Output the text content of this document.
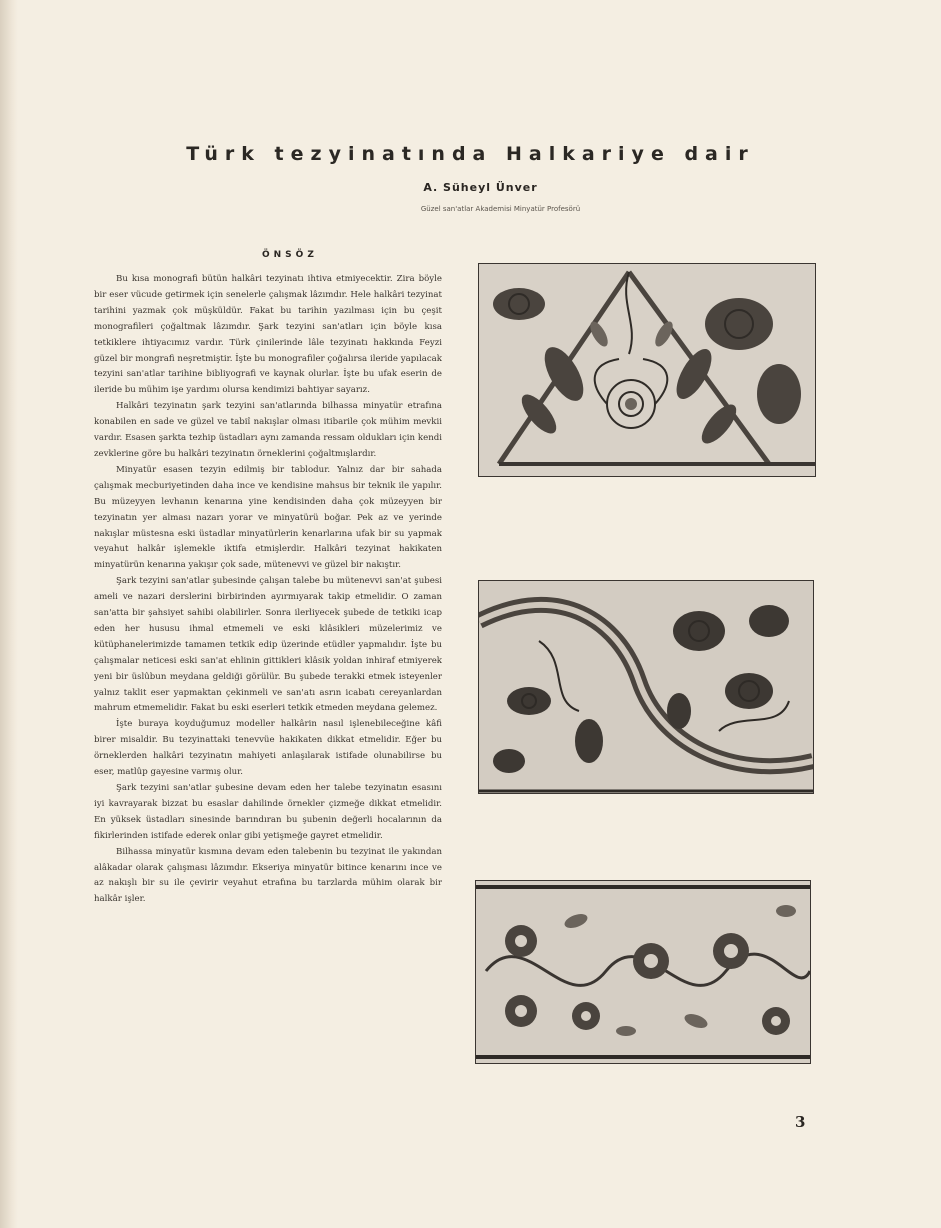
Türk tezyinatında Halkariye dair
A. Süheyl Ünver
Güzel san'atlar Akademisi Minyatür Profesörü
ÖNSÖZ

Bu kısa monografi bütün halkâri tezyinatı ihtiva etmiyecektir. Zira böyle bir eser vücude getirmek için senelerle çalışmak lâzımdır. Hele halkâri tezyinat tarihini yazmak çok müşküldür. Fakat bu tarihin yazılması için bu çeşit monografileri çoğaltmak lâzımdır. Şark tezyini san'atları için böyle kısa tetkiklere ihtiyacımız vardır. Türk çinilerinde lâle tezyinatı hakkında Feyzi güzel bir mongrafi neşretmiştir. İşte bu monografiler çoğalırsa ileride yapılacak tezyini san'atlar tarihine bibliyografi ve kaynak olurlar. İşte bu ufak eserin de ileride bu mühim işe yardımı olursa kendimizi bahtiyar sayarız.

Halkâri tezyinatın şark tezyini san'atlarında bilhassa minyatür etrafına konabilen en sade ve güzel ve tabiî nakışlar olması itibarile çok mühim mevkii vardır. Esasen şarkta tezhip üstadları aynı zamanda ressam oldukları için kendi zevklerine göre bu halkâri tezyinatın örneklerini çoğaltmışlardır.

Minyatür esasen tezyin edilmiş bir tablodur. Yalnız dar bir sahada çalışmak mecburiyetinden daha ince ve kendisine mahsus bir teknik ile yapılır. Bu müzeyyen levhanın kenarına yine kendisinden daha çok müzeyyen bir tezyinatın yer alması nazarı yorar ve minyatürü boğar. Pek az ve yerinde nakışlar müstesna eski üstadlar minyatürlerin kenarlarına ufak bir su yapmak veyahut halkâr işlemekle iktifa etmişlerdir. Halkâri tezyinat hakikaten minyatürün kenarına yakışır çok sade, mütenevvi ve güzel bir nakıştır.

Şark tezyini san'atlar şubesinde çalışan talebe bu mütenevvi san'at şubesi ameli ve nazari derslerini birbirinden ayırmıyarak takip etmelidir. O zaman san'atta bir şahsiyet sahibi olabilirler. Sonra ilerliyecek şubede de tetkiki icap eden her hususu ihmal etmemeli ve eski klâsikleri müzelerimiz ve kütüphanelerimizde tamamen tetkik edip üzerinde etüdler yapmalıdır. İşte bu çalışmalar neticesi eski san'at ehlinin gittikleri klâsik yoldan inhiraf etmiyerek yeni bir üslûbun meydana geldiği görülür. Bu şubede terakki etmek isteyenler yalnız taklit eser yapmaktan çekinmeli ve san'atı asrın icabatı cereyanlardan mahrum etmemelidir. Fakat bu eski eserleri tetkik etmeden meydana gelemez.

İşte buraya koyduğumuz modeller halkârin nasıl işlenebileceğine kâfi birer misaldir. Bu tezyinattaki tenevvüe hakikaten dikkat etmelidir. Eğer bu örneklerden halkâri tezyinatın mahiyeti anlaşılarak istifade olunabilirse bu eser, matlûp gayesine varmış olur.

Şark tezyini san'atlar şubesine devam eden her talebe tezyinatın esasını iyi kavrayarak bizzat bu esaslar dahilinde örnekler çizmeğe dikkat etmelidir. En yüksek üstadları sinesinde barındıran bu şubenin değerli hocalarının da fikirlerinden istifade ederek onlar gibi yetişmeğe gayret etmelidir.

Bilhassa minyatür kısmına devam eden talebenin bu tezyinat ile yakından alâkadar olarak çalışması lâzımdır. Ekseriya minyatür bitince kenarını ince ve az nakışlı bir su ile çevirir veyahut etrafına bu tarzlarda mühim olarak bir halkâr işler.

3
